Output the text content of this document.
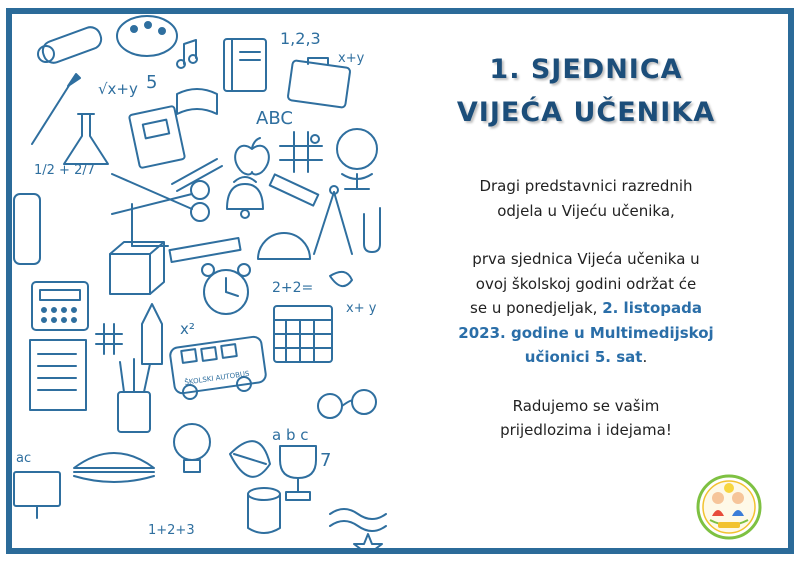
1,2,3
x+y
√x+y 5
ABC
1/2 + 2/7
2+2=
x+ y
x²
ŠKOLSKI AUTOBUS
a b c
ac	7
1+2+3
1. SJEDNICA
VIJEĆA UČENIKA

Dragi predstavnici razrednih
odjela u Vijeću učenika,

prva sjednica Vijeća učenika u
ovoj školskoj godini održat će
se u ponedjeljak, 2. listopada
2023. godine u Multimedijskoj
učionici 5. sat.

Radujemo se vašim
prijedlozima i idejama!
